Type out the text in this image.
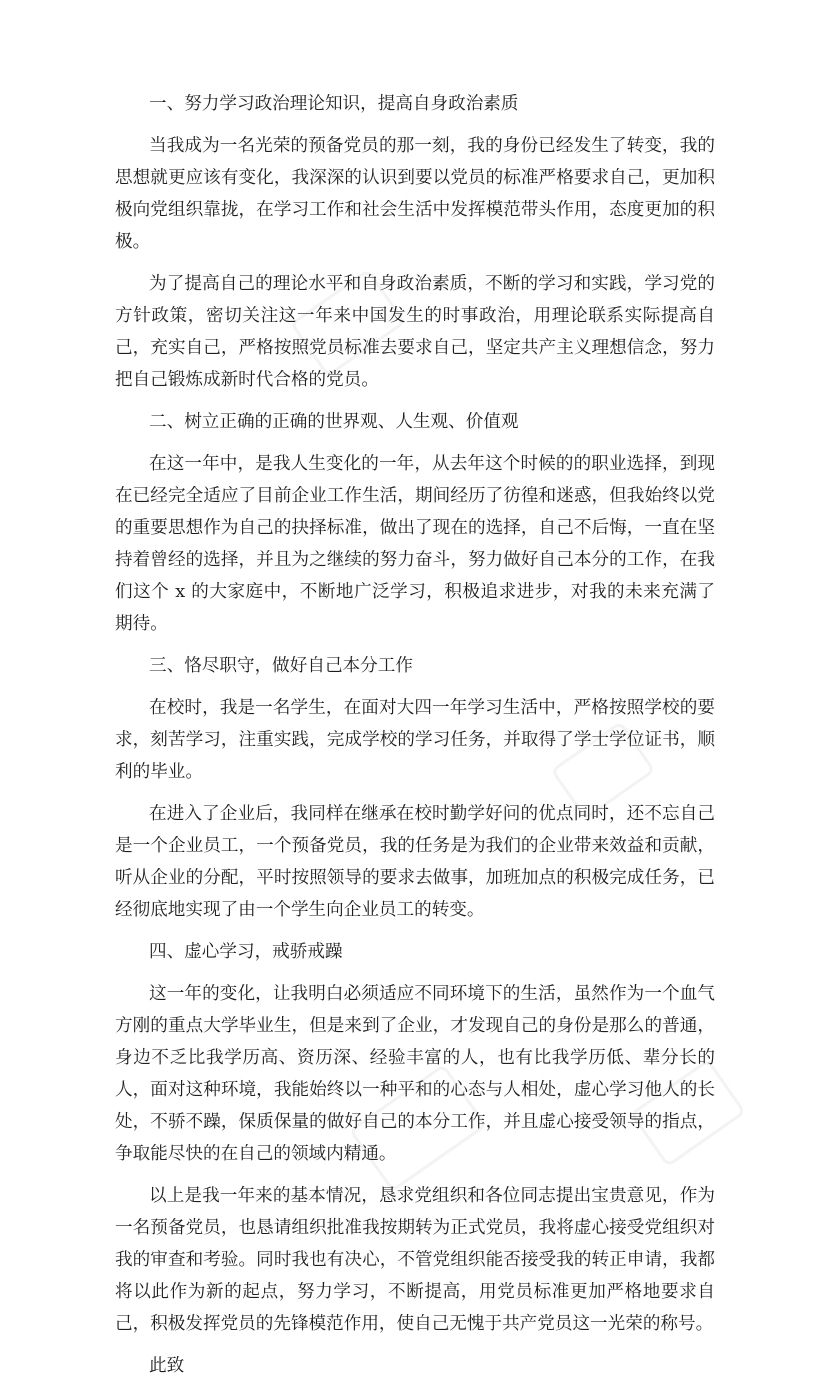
一、努力学习政治理论知识，提高自身政治素质

当我成为一名光荣的预备党员的那一刻，我的身份已经发生了转变，我的思想就更应该有变化，我深深的认识到要以党员的标准严格要求自己，更加积极向党组织靠拢，在学习工作和社会生活中发挥模范带头作用，态度更加的积极。

为了提高自己的理论水平和自身政治素质，不断的学习和实践，学习党的方针政策，密切关注这一年来中国发生的时事政治，用理论联系实际提高自己，充实自己，严格按照党员标准去要求自己，坚定共产主义理想信念，努力把自己锻炼成新时代合格的党员。

二、树立正确的正确的世界观、人生观、价值观

在这一年中，是我人生变化的一年，从去年这个时候的的职业选择，到现在已经完全适应了目前企业工作生活，期间经历了彷徨和迷惑，但我始终以党的重要思想作为自己的抉择标准，做出了现在的选择，自己不后悔，一直在坚持着曾经的选择，并且为之继续的努力奋斗，努力做好自己本分的工作，在我们这个 x 的大家庭中，不断地广泛学习，积极追求进步，对我的未来充满了期待。

三、恪尽职守，做好自己本分工作

在校时，我是一名学生，在面对大四一年学习生活中，严格按照学校的要求，刻苦学习，注重实践，完成学校的学习任务，并取得了学士学位证书，顺利的毕业。

在进入了企业后，我同样在继承在校时勤学好问的优点同时，还不忘自己是一个企业员工，一个预备党员，我的任务是为我们的企业带来效益和贡献，听从企业的分配，平时按照领导的要求去做事，加班加点的积极完成任务，已经彻底地实现了由一个学生向企业员工的转变。

四、虚心学习，戒骄戒躁

这一年的变化，让我明白必须适应不同环境下的生活，虽然作为一个血气方刚的重点大学毕业生，但是来到了企业，才发现自己的身份是那么的普通，身边不乏比我学历高、资历深、经验丰富的人，也有比我学历低、辈分长的人，面对这种环境，我能始终以一种平和的心态与人相处，虚心学习他人的长处，不骄不躁，保质保量的做好自己的本分工作，并且虚心接受领导的指点，争取能尽快的在自己的领域内精通。

以上是我一年来的基本情况，恳求党组织和各位同志提出宝贵意见，作为一名预备党员，也恳请组织批准我按期转为正式党员，我将虚心接受党组织对我的审查和考验。同时我也有决心，不管党组织能否接受我的转正申请，我都将以此作为新的起点，努力学习，不断提高，用党员标准更加严格地要求自己，积极发挥党员的先锋模范作用，使自己无愧于共产党员这一光荣的称号。

此致
